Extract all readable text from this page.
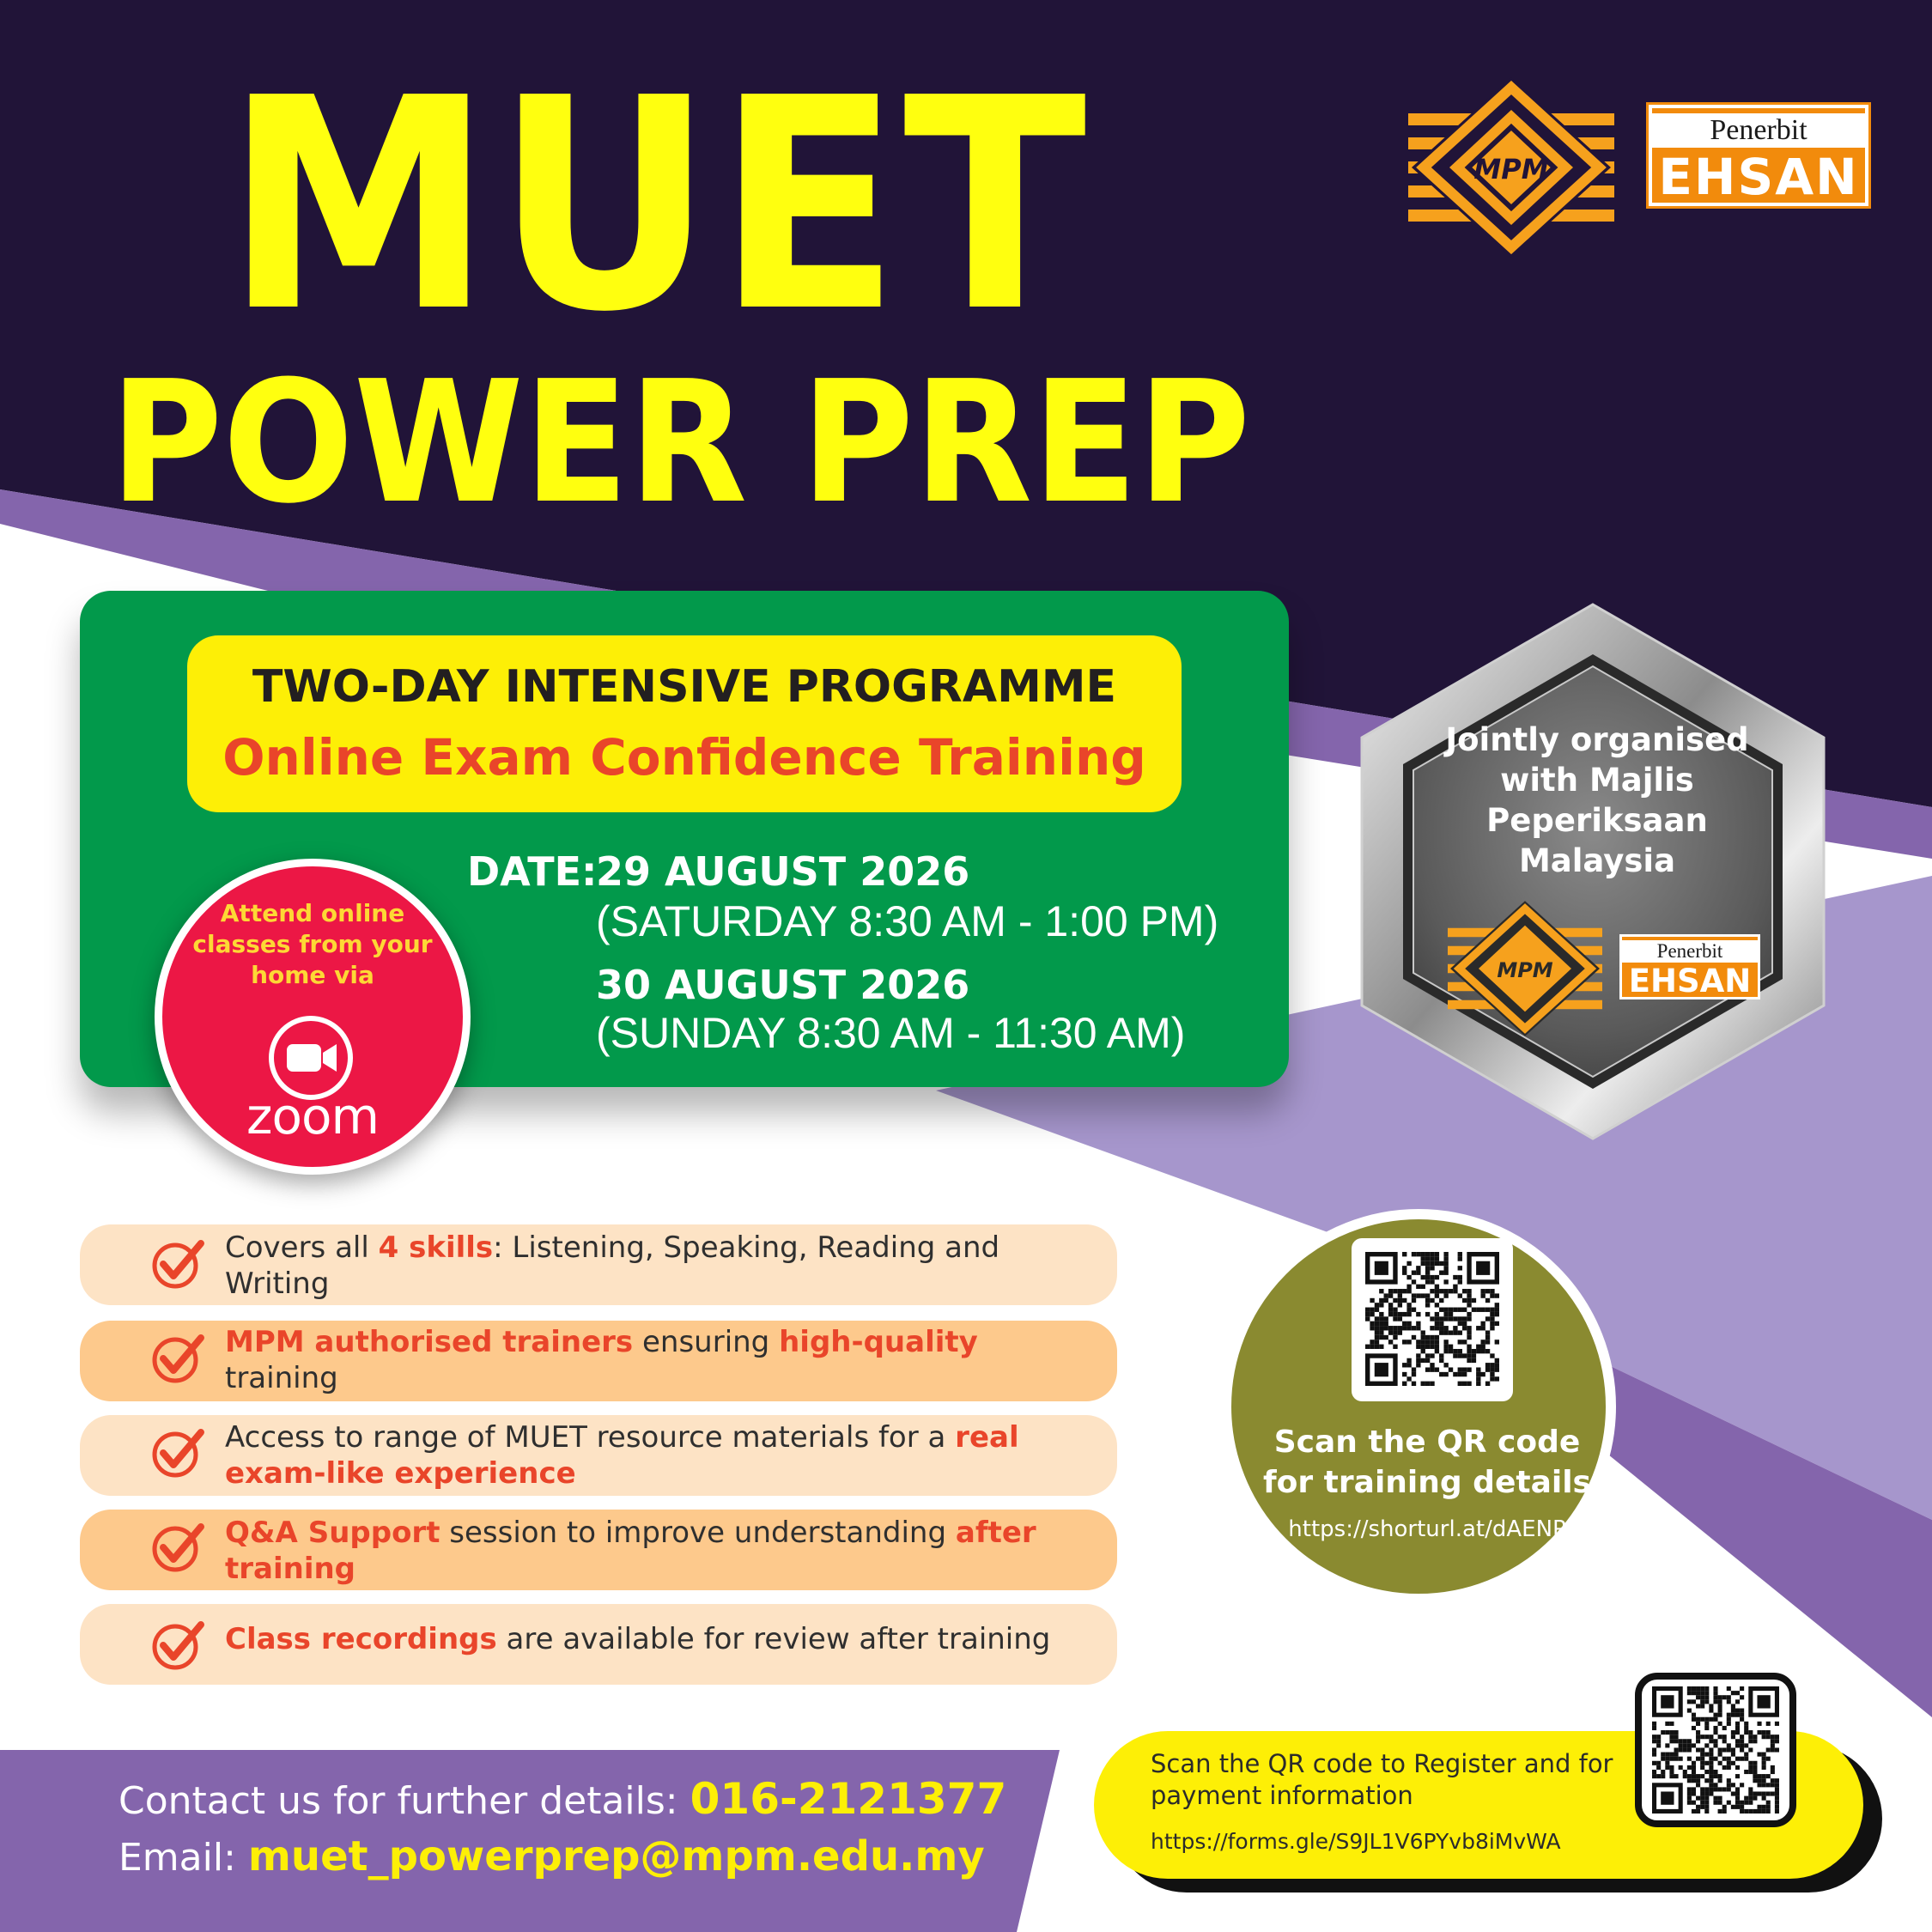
MUET
POWER PREP
MPM
Penerbit
EHSAN
TWO-DAY INTENSIVE PROGRAMME
Online Exam Confidence Training
DATE:
29 AUGUST 2026
(SATURDAY 8:30 AM - 1:00 PM)
30 AUGUST 2026
(SUNDAY 8:30 AM - 11:30 AM)
Attend online classes from your home via
zoom
Jointly organised with Majlis Peperiksaan Malaysia
MPM
Penerbit
EHSAN
Covers all 4 skills: Listening, Speaking, Reading and Writing
MPM authorised trainers ensuring high-quality training
Access to range of MUET resource materials for a real exam-like experience
Q&A Support session to improve understanding after training
Class recordings are available for review after training
Scan the QR code for training details
https://shorturl.at/dAENP
Contact us for further details: 016-2121377
Email: muet_powerprep@mpm.edu.my
Scan the QR code to Register and for payment information
https://forms.gle/S9JL1V6PYvb8iMvWA
